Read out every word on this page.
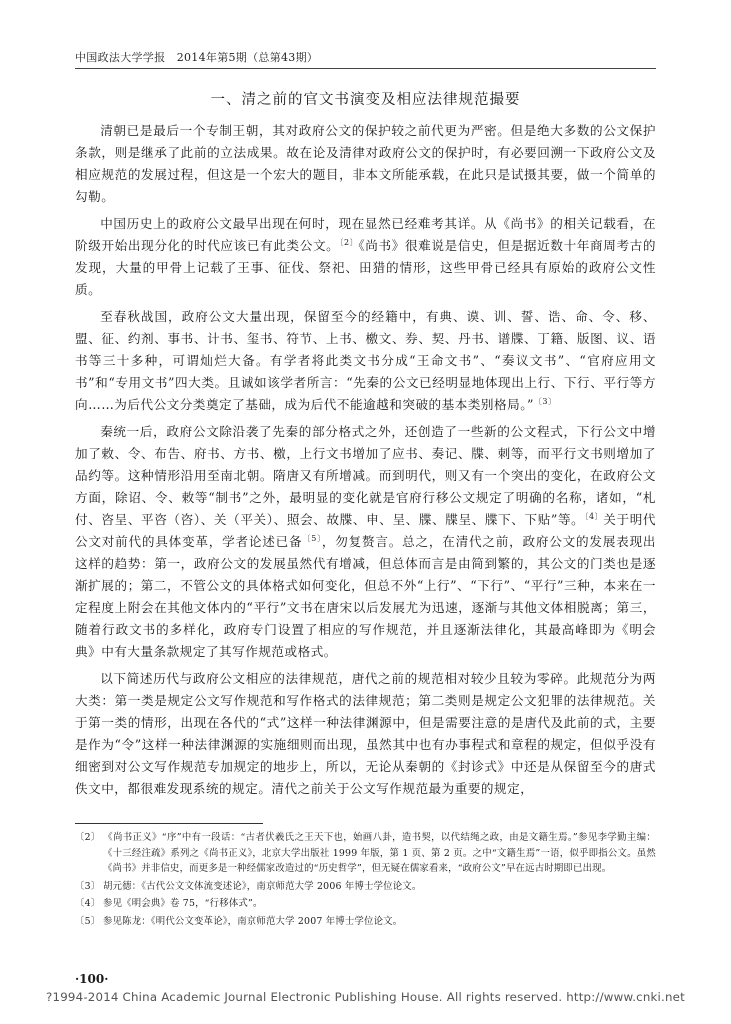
中国政法大学学报　2014年第5期（总第43期）
一、清之前的官文书演变及相应法律规范撮要

清朝已是最后一个专制王朝，其对政府公文的保护较之前代更为严密。但是绝大多数的公文保护条款，则是继承了此前的立法成果。故在论及清律对政府公文的保护时，有必要回溯一下政府公文及相应规范的发展过程，但这是一个宏大的题目，非本文所能承载，在此只是试摄其要，做一个简单的勾勒。

中国历史上的政府公文最早出现在何时，现在显然已经难考其详。从《尚书》的相关记载看，在阶级开始出现分化的时代应该已有此类公文。$^{〔2〕}$《尚书》很难说是信史，但是据近数十年商周考古的发现，大量的甲骨上记载了王事、征伐、祭祀、田猎的情形，这些甲骨已经具有原始的政府公文性质。

至春秋战国，政府公文大量出现，保留至今的经籍中，有典、谟、训、誓、诰、命、令、移、盟、征、约剂、事书、计书、玺书、符节、上书、檄文、券、契、丹书、谱牒、丁籍、版图、议、语书等三十多种，可谓灿烂大备。有学者将此类文书分成“王命文书”、“奏议文书”、“官府应用文书”和“专用文书”四大类。且诚如该学者所言：“先秦的公文已经明显地体现出上行、下行、平行等方向……为后代公文分类奠定了基础，成为后代不能逾越和突破的基本类别格局。”$^{〔3〕}$

秦统一后，政府公文除沿袭了先秦的部分格式之外，还创造了一些新的公文程式，下行公文中增加了敕、令、布告、府书、方书、檄，上行文书增加了应书、奏记、牒、刺等，而平行文书则增加了品约等。这种情形沿用至南北朝。隋唐又有所增减。而到明代，则又有一个突出的变化，在政府公文方面，除诏、令、敕等“制书”之外，最明显的变化就是官府行移公文规定了明确的名称，诸如，“札付、咨呈、平咨（咨）、关（平关）、照会、故牒、申、呈、牒、牒呈、牒下、下贴”等。$^{〔4〕}$关于明代公文对前代的具体变革，学者论述已备$^{〔5〕}$，勿复赘言。总之，在清代之前，政府公文的发展表现出这样的趋势：第一，政府公文的发展虽然代有增减，但总体而言是由简到繁的，其公文的门类也是逐渐扩展的；第二，不管公文的具体格式如何变化，但总不外“上行”、“下行”、“平行”三种，本来在一定程度上附会在其他文体内的“平行”文书在唐宋以后发展尤为迅速，逐渐与其他文体相脱离；第三，随着行政文书的多样化，政府专门设置了相应的写作规范，并且逐渐法律化，其最高峰即为《明会典》中有大量条款规定了其写作规范或格式。

以下简述历代与政府公文相应的法律规范，唐代之前的规范相对较少且较为零碎。此规范分为两大类：第一类是规定公文写作规范和写作格式的法律规范；第二类则是规定公文犯罪的法律规范。关于第一类的情形，出现在各代的“式”这样一种法律渊源中，但是需要注意的是唐代及此前的式，主要是作为“令”这样一种法律渊源的实施细则而出现，虽然其中也有办事程式和章程的规定，但似乎没有细密到对公文写作规范专加规定的地步上，所以，无论从秦朝的《封诊式》中还是从保留至今的唐式佚文中，都很难发现系统的规定。清代之前关于公文写作规范最为重要的规定，

〔2〕 《尚书正义》“序”中有一段话：“古者伏羲氏之王天下也，始画八卦，造书契，以代结绳之政，由是文籍生焉。”参见李学勤主编：《十三经注疏》系列之《尚书正义》，北京大学出版社 1999 年版，第 1 页、第 2 页。之中“文籍生焉”一语，似乎即指公文。虽然《尚书》并非信史，而更多是一种经儒家改造过的“历史哲学”，但无疑在儒家看来，“政府公文”早在远古时期即已出现。

〔3〕 胡元德：《古代公文文体流变述论》，南京师范大学 2006 年博士学位论文。

〔4〕 参见《明会典》卷 75，“行移体式”。

〔5〕 参见陈龙：《明代公文变革论》，南京师范大学 2007 年博士学位论文。

·100·
?1994-2014 China Academic Journal Electronic Publishing House. All rights reserved. http://www.cnki.net
